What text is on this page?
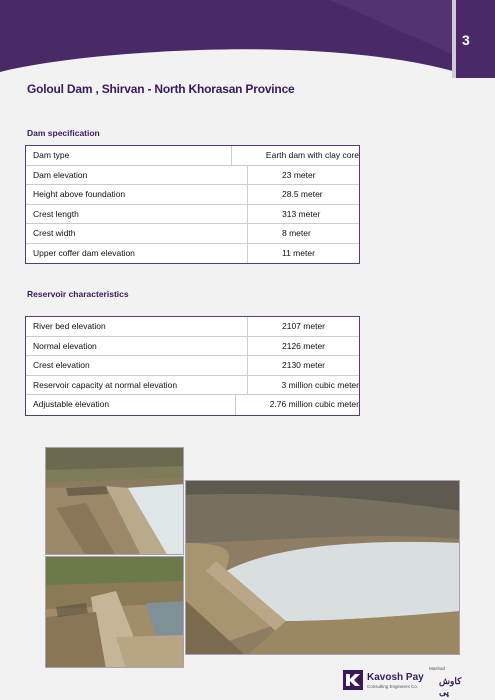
3
Goloul Dam , Shirvan - North Khorasan Province
Dam specification
Dam type	Earth dam with clay core
Dam elevation	23 meter
Height above foundation	28.5 meter
Crest length	313 meter
Crest width	8 meter
Upper coffer dam elevation	11 meter
Reservoir characteristics
River bed elevation	2107 meter
Normal elevation	2126 meter
Crest elevation	2130 meter
Reservoir capacity at normal elevation	3 million cubic meter
Adjustable elevation	2.76 million cubic meter
Mashad
Kavosh Pay
Consulting Engineers Co.
کاوش پی
